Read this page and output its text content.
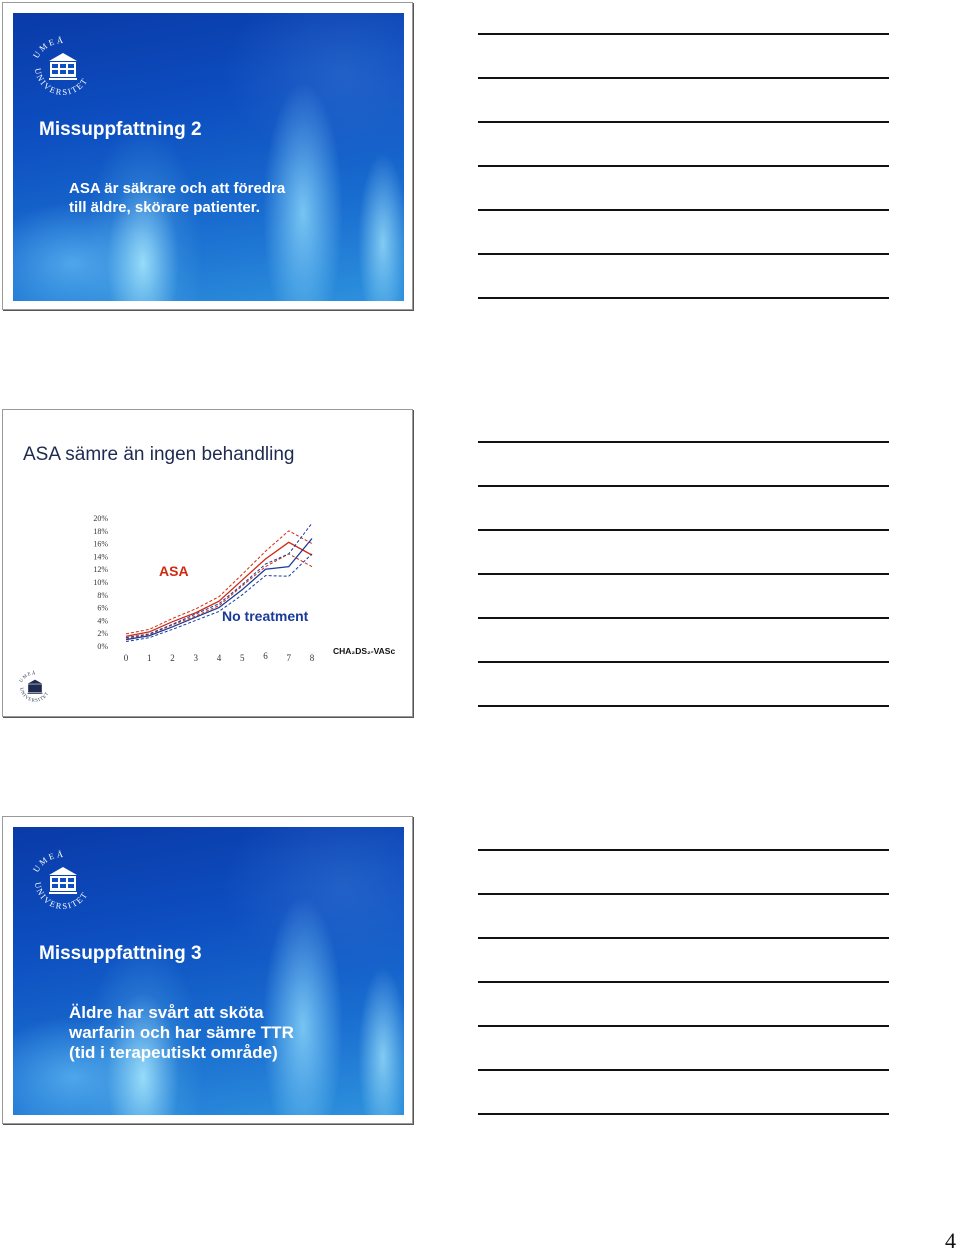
UMEÅ
UNIVERSITET
Missuppfattning 2
ASA är säkrare och att föredra
till äldre, skörare patienter.
ASA sämre än ingen behandling
0%
2%
4%
6%
8%
10%
12%
14%
16%
18%
20%
0 1 2 3 4 5 6 7 8
ASA
No treatment
CHA₂DS₂-VASc
UMEÅ
UNIVERSITET
UMEÅ
UNIVERSITET
Missuppfattning 3
Äldre har svårt att sköta
warfarin och har sämre TTR
(tid i terapeutiskt område)
4
